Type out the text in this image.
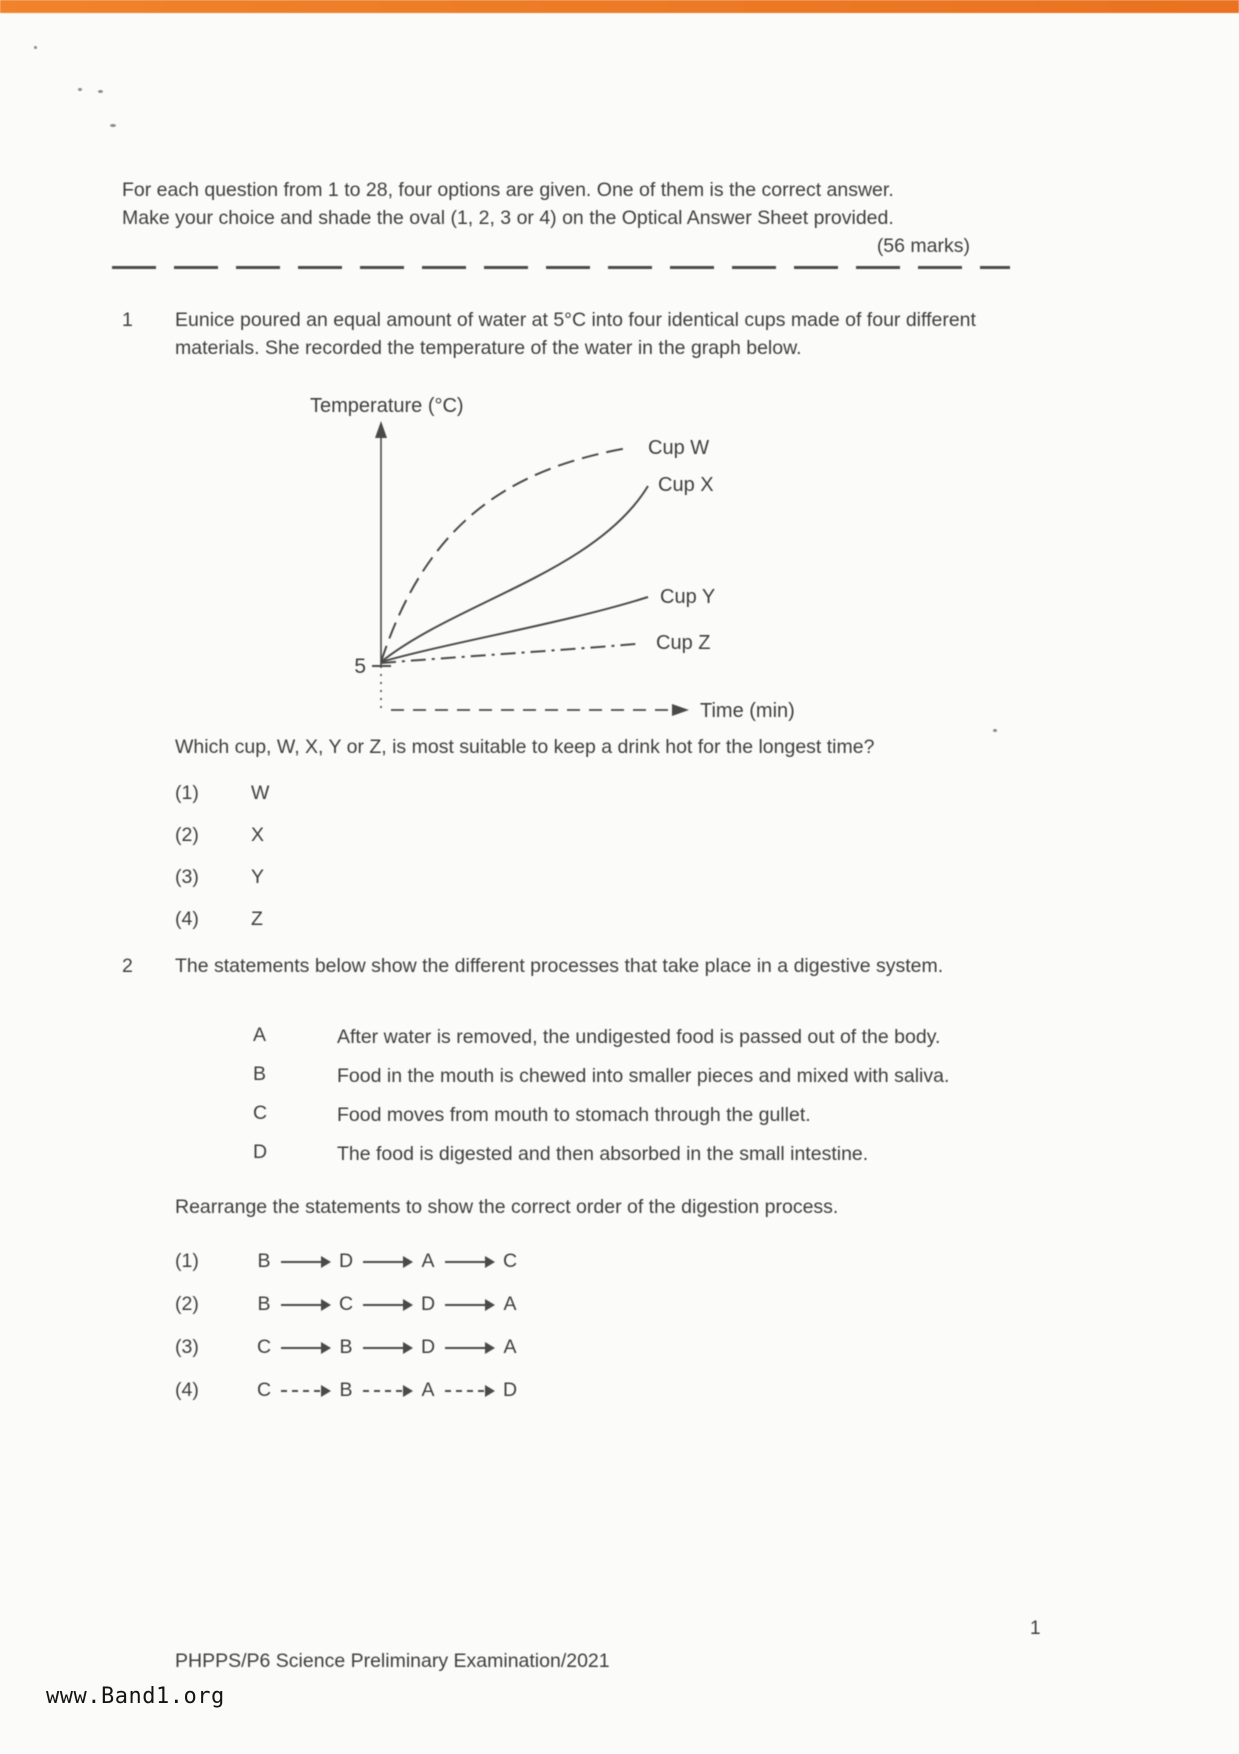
For each question from 1 to 28, four options are given. One of them is the correct answer.
Make your choice and shade the oval (1, 2, 3 or 4) on the Optical Answer Sheet provided.
(56 marks)
1	Eunice poured an equal amount of water at 5°C into four identical cups made of four different materials. She recorded the temperature of the water in the graph below.
Temperature (°C)
5
Time (min)
Cup W
Cup X
Cup Y
Cup Z
Which cup, W, X, Y or Z, is most suitable to keep a drink hot for the longest time?
(1)	W
(2)	X
(3)	Y
(4)	Z
2	The statements below show the different processes that take place in a digestive system.
A	After water is removed, the undigested food is passed out of the body.
B	Food in the mouth is chewed into smaller pieces and mixed with saliva.
C	Food moves from mouth to stomach through the gullet.
D	The food is digested and then absorbed in the small intestine.
Rearrange the statements to show the correct order of the digestion process.
(1)	B	D	A	C
(2)	B	C	D	A
(3)	C	B	D	A
(4)	C	B	A	D
PHPPS/P6 Science Preliminary Examination/2021
1
www.Band1.org
